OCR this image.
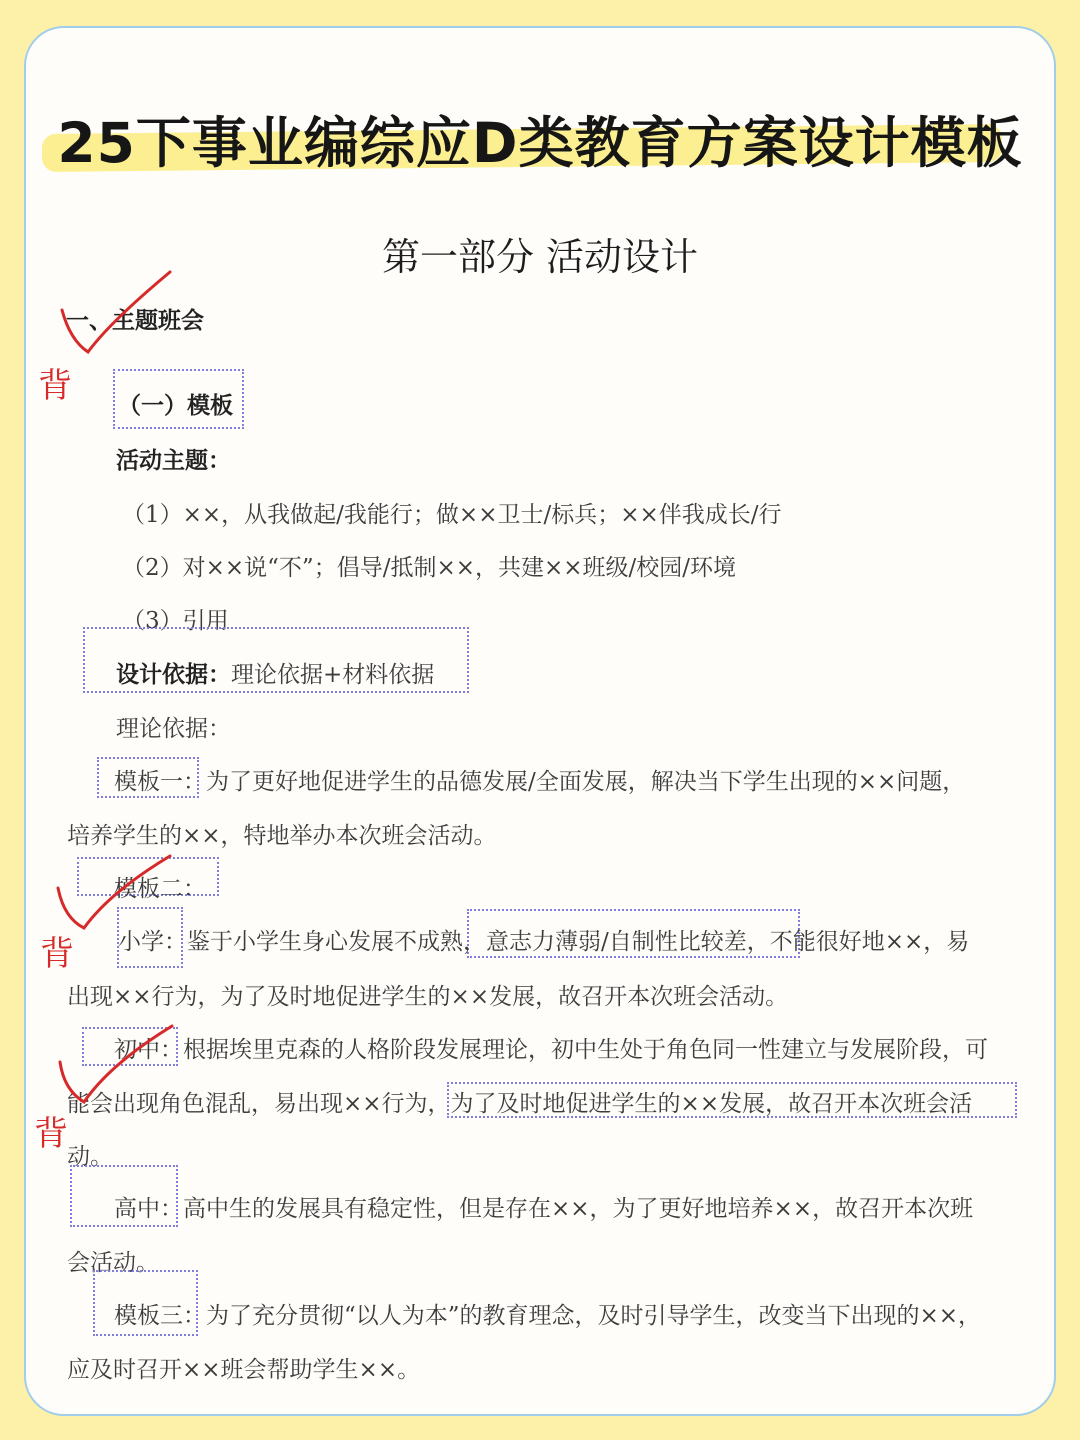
25下事业编综应D类教育方案设计模板
第一部分 活动设计
一、主题班会
（一）模板
活动主题：
（1）××，从我做起/我能行；做××卫士/标兵；××伴我成长/行
（2）对××说“不”；倡导/抵制××，共建××班级/校园/环境
（3）引用
设计依据：理论依据+材料依据
理论依据：
模板一：为了更好地促进学生的品德发展/全面发展，解决当下学生出现的××问题，
培养学生的××，特地举办本次班会活动。
模板二：
小学：鉴于小学生身心发展不成熟，意志力薄弱/自制性比较差，不能很好地××，易
出现××行为，为了及时地促进学生的××发展，故召开本次班会活动。
初中：根据埃里克森的人格阶段发展理论，初中生处于角色同一性建立与发展阶段，可
能会出现角色混乱，易出现××行为，为了及时地促进学生的××发展，故召开本次班会活
动。
高中：高中生的发展具有稳定性，但是存在××，为了更好地培养××，故召开本次班
会活动。
模板三：为了充分贯彻“以人为本”的教育理念，及时引导学生，改变当下出现的××，
应及时召开××班会帮助学生××。
背
背
背
